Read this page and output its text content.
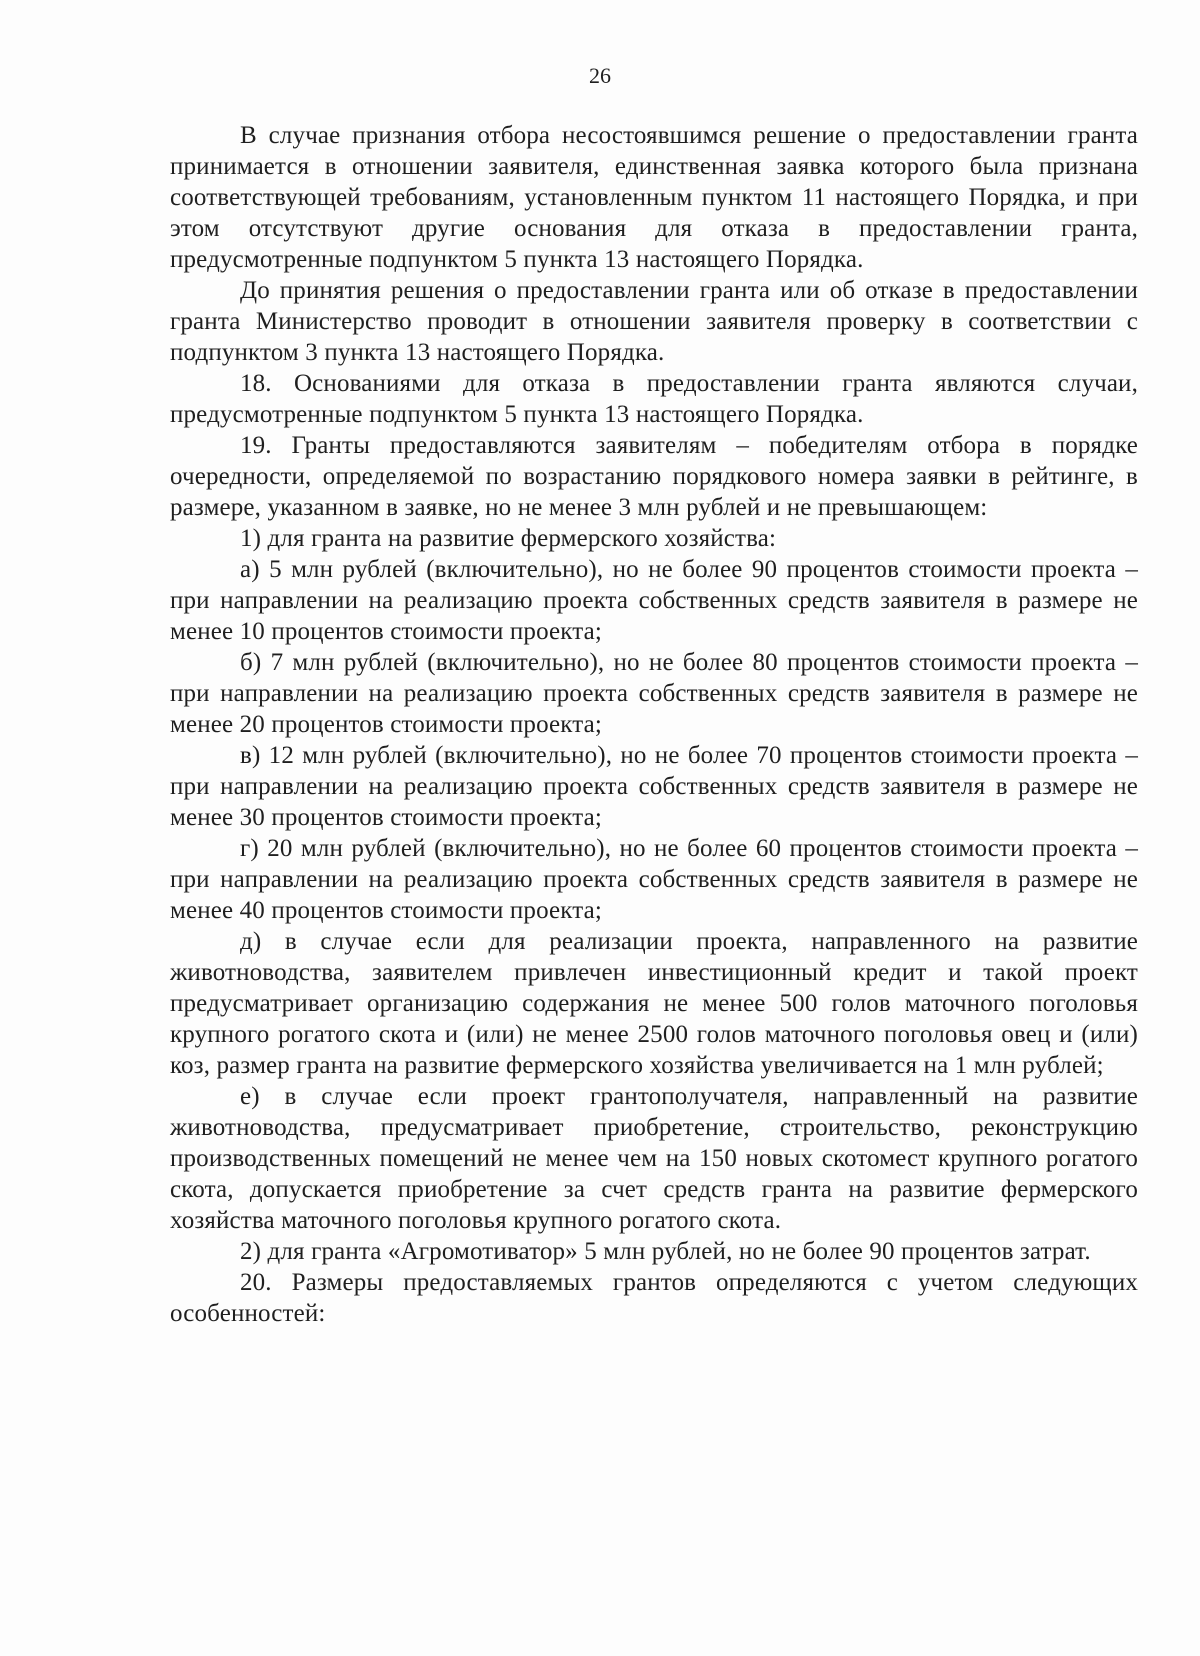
26

В случае признания отбора несостоявшимся решение о предоставлении гранта принимается в отношении заявителя, единственная заявка которого была признана соответствующей требованиям, установленным пунктом 11 настоящего Порядка, и при этом отсутствуют другие основания для отказа в предоставлении гранта, предусмотренные подпунктом 5 пункта 13 настоящего Порядка.

До принятия решения о предоставлении гранта или об отказе в предоставлении гранта Министерство проводит в отношении заявителя проверку в соответствии с подпунктом 3 пункта 13 настоящего Порядка.

18. Основаниями для отказа в предоставлении гранта являются случаи, предусмотренные подпунктом 5 пункта 13 настоящего Порядка.

19. Гранты предоставляются заявителям – победителям отбора в порядке очередности, определяемой по возрастанию порядкового номера заявки в рейтинге, в размере, указанном в заявке, но не менее 3 млн рублей и не превышающем:

1) для гранта на развитие фермерского хозяйства:

а) 5 млн рублей (включительно), но не более 90 процентов стоимости проекта – при направлении на реализацию проекта собственных средств заявителя в размере не менее 10 процентов стоимости проекта;

б) 7 млн рублей (включительно), но не более 80 процентов стоимости проекта – при направлении на реализацию проекта собственных средств заявителя в размере не менее 20 процентов стоимости проекта;

в) 12 млн рублей (включительно), но не более 70 процентов стоимости проекта – при направлении на реализацию проекта собственных средств заявителя в размере не менее 30 процентов стоимости проекта;

г) 20 млн рублей (включительно), но не более 60 процентов стоимости проекта – при направлении на реализацию проекта собственных средств заявителя в размере не менее 40 процентов стоимости проекта;

д) в случае если для реализации проекта, направленного на развитие животноводства, заявителем привлечен инвестиционный кредит и такой проект предусматривает организацию содержания не менее 500 голов маточного поголовья крупного рогатого скота и (или) не менее 2500 голов маточного поголовья овец и (или) коз, размер гранта на развитие фермерского хозяйства увеличивается на 1 млн рублей;

е) в случае если проект грантополучателя, направленный на развитие животноводства, предусматривает приобретение, строительство, реконструкцию производственных помещений не менее чем на 150 новых скотомест крупного рогатого скота, допускается приобретение за счет средств гранта на развитие фермерского хозяйства маточного поголовья крупного рогатого скота.

2) для гранта «Агромотиватор» 5 млн рублей, но не более 90 процентов затрат.

20. Размеры предоставляемых грантов определяются с учетом следующих особенностей:
